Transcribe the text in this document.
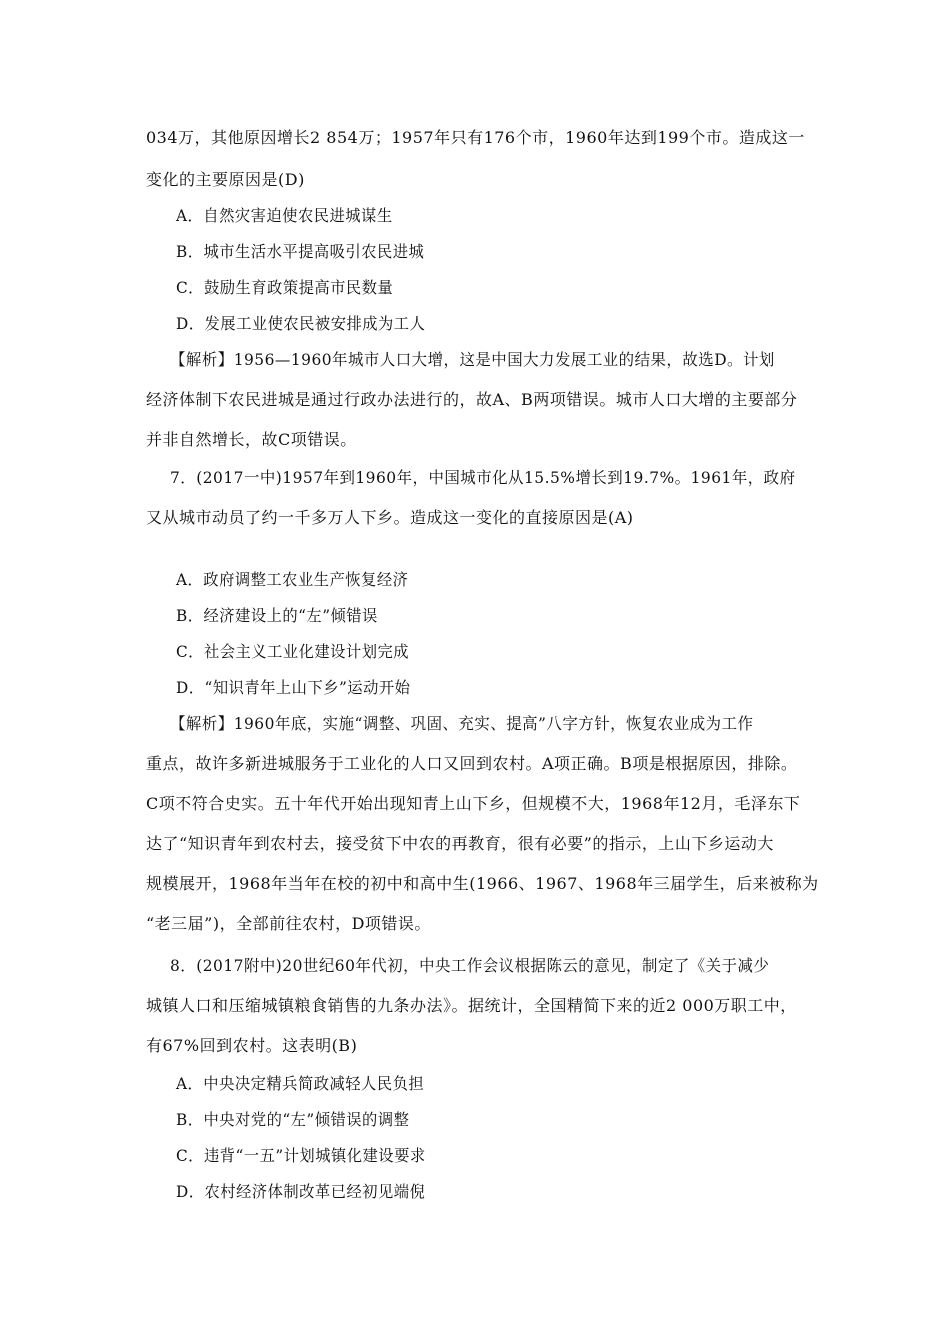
034万，其他原因增长2 854万；1957年只有176个市，1960年达到199个市。造成这一
变化的主要原因是(D)
A．自然灾害迫使农民进城谋生
B．城市生活水平提高吸引农民进城
C．鼓励生育政策提高市民数量
D．发展工业使农民被安排成为工人
【解析】1956—1960年城市人口大增，这是中国大力发展工业的结果，故选D。计划
经济体制下农民进城是通过行政办法进行的，故A、B两项错误。城市人口大增的主要部分
并非自然增长，故C项错误。
7．(2017一中)1957年到1960年，中国城市化从15.5%增长到19.7%。1961年，政府
又从城市动员了约一千多万人下乡。造成这一变化的直接原因是(A)
A．政府调整工农业生产恢复经济
B．经济建设上的“左”倾错误
C．社会主义工业化建设计划完成
D．“知识青年上山下乡”运动开始
【解析】1960年底，实施“调整、巩固、充实、提高”八字方针，恢复农业成为工作
重点，故许多新进城服务于工业化的人口又回到农村。A项正确。B项是根据原因，排除。
C项不符合史实。五十年代开始出现知青上山下乡，但规模不大，1968年12月，毛泽东下
达了“知识青年到农村去，接受贫下中农的再教育，很有必要”的指示，上山下乡运动大
规模展开，1968年当年在校的初中和高中生(1966、1967、1968年三届学生，后来被称为
“老三届”)，全部前往农村，D项错误。
8．(2017附中)20世纪60年代初，中央工作会议根据陈云的意见，制定了《关于减少
城镇人口和压缩城镇粮食销售的九条办法》。据统计，全国精简下来的近2 000万职工中，
有67%回到农村。这表明(B)
A．中央决定精兵简政减轻人民负担
B．中央对党的“左”倾错误的调整
C．违背“一五”计划城镇化建设要求
D．农村经济体制改革已经初见端倪
